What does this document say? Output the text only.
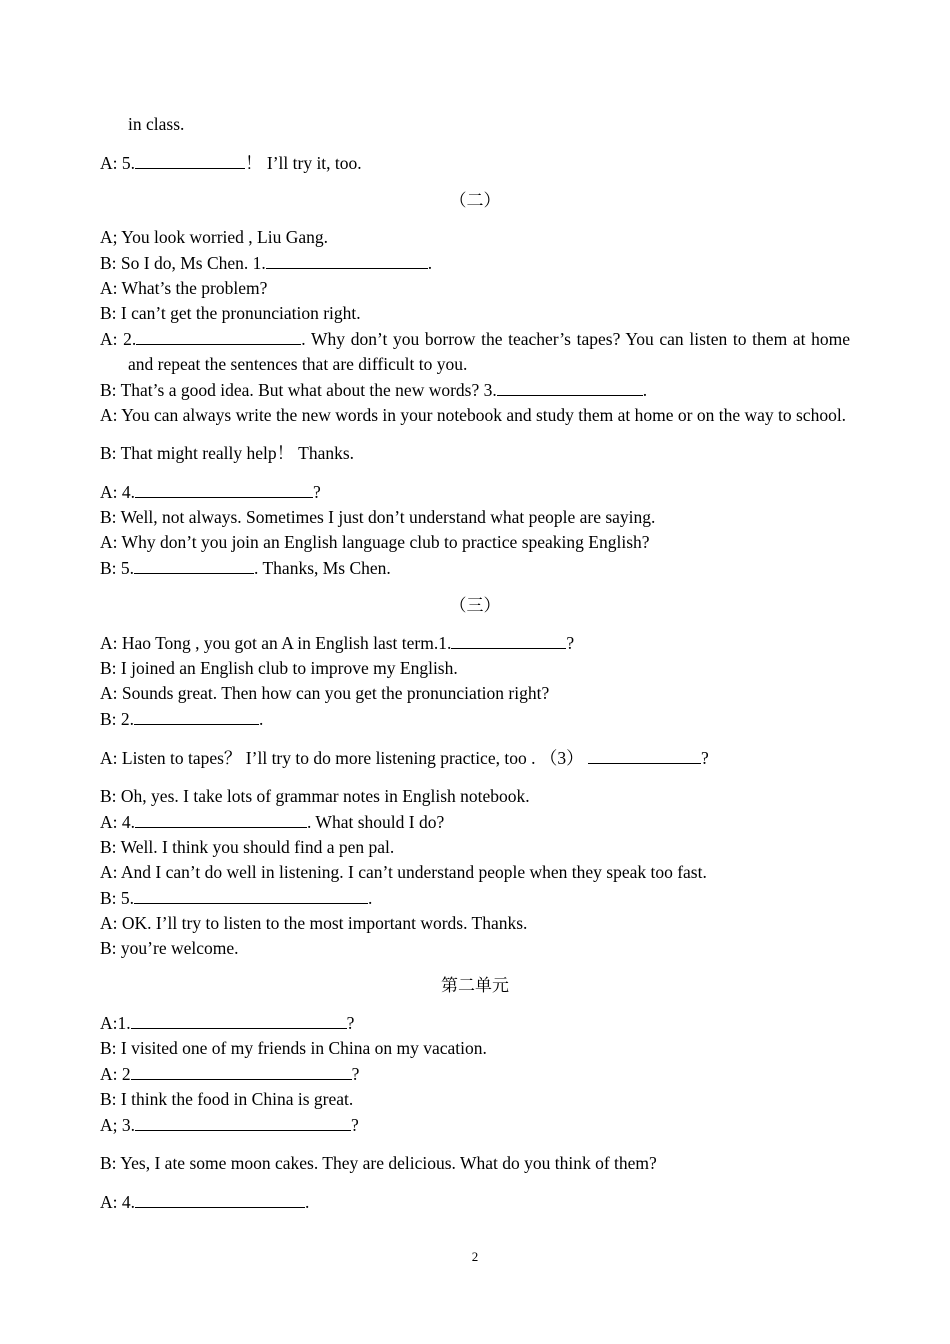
in class.

A: 5.	！ I’ll try it, too.

（二）

A; You look worried , Liu Gang.

B: So I do, Ms Chen. 1.	.

A: What’s the problem?

B: I can’t get the pronunciation right.

A: 2.	. Why don’t you borrow the teacher’s tapes? You can listen to them at home and repeat the sentences that are difficult to you.

B: That’s a good idea. But what about the new words? 3.	.

A: You can always write the new words in your notebook and study them at home or on the way to school.

B: That might really help！ Thanks.

A: 4.	?

B: Well, not always. Sometimes I just don’t understand what people are saying.

A: Why don’t you join an English language club to practice speaking English?

B: 5.	. Thanks, Ms Chen.

（三）

A: Hao Tong , you got an A in English last term.1.	?

B: I joined an English club to improve my English.

A: Sounds great. Then how can you get the pronunciation right?

B: 2.	.

A: Listen to tapes？ I’ll try to do more listening practice, too . （3）	?

B: Oh, yes. I take lots of grammar notes in English notebook.

A: 4.	. What should I do?

B: Well. I think you should find a pen pal.

A: And I can’t do well in listening. I can’t understand people when they speak too fast.

B: 5.	.

A: OK. I’ll try to listen to the most important words. Thanks.

B: you’re welcome.

第二单元

A:1.	?

B: I visited one of my friends in China on my vacation.

A: 2	?

B: I think the food in China is great.

A; 3.	?

B: Yes, I ate some moon cakes. They are delicious. What do you think of them?

A: 4.	.

2
